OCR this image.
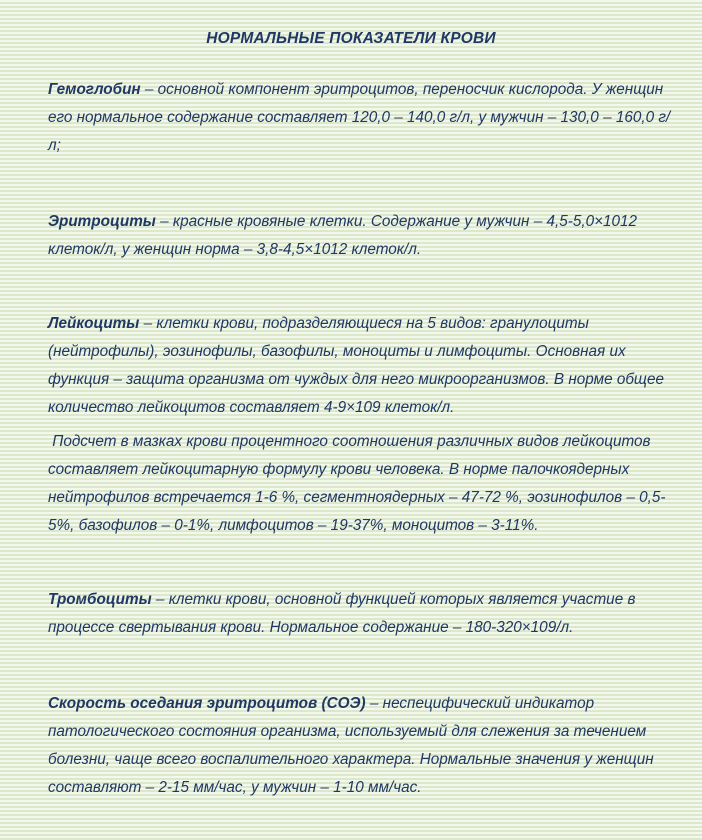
НОРМАЛЬНЫЕ ПОКАЗАТЕЛИ КРОВИ

Гемоглобин – основной компонент эритроцитов, переносчик кислорода. У женщин его нормальное содержание составляет 120,0 – 140,0 г/л, у мужчин – 130,0 – 160,0 г/л;

Эритроциты – красные кровяные клетки. Содержание у мужчин – 4,5-5,0×1012 клеток/л, у женщин норма – 3,8-4,5×1012 клеток/л.

Лейкоциты – клетки крови, подразделяющиеся на 5 видов: гранулоциты (нейтрофилы), эозинофилы, базофилы, моноциты и лимфоциты. Основная их функция – защита организма от чуждых для него микроорганизмов. В норме общее количество лейкоцитов составляет 4-9×109 клеток/л.

Подсчет в мазках крови процентного соотношения различных видов лейкоцитов составляет лейкоцитарную формулу крови человека. В норме палочкоядерных нейтрофилов встречается 1-6 %, сегментноядерных – 47-72 %, эозинофилов – 0,5-5%, базофилов – 0-1%, лимфоцитов – 19-37%, моноцитов – 3-11%.

Тромбоциты – клетки крови, основной функцией которых является участие в процессе свертывания крови. Нормальное содержание – 180-320×109/л.

Скорость оседания эритроцитов (СОЭ) – неспецифический индикатор патологического состояния организма, используемый для слежения за течением болезни, чаще всего воспалительного характера. Нормальные значения у женщин составляют – 2-15 мм/час, у мужчин – 1-10 мм/час.
